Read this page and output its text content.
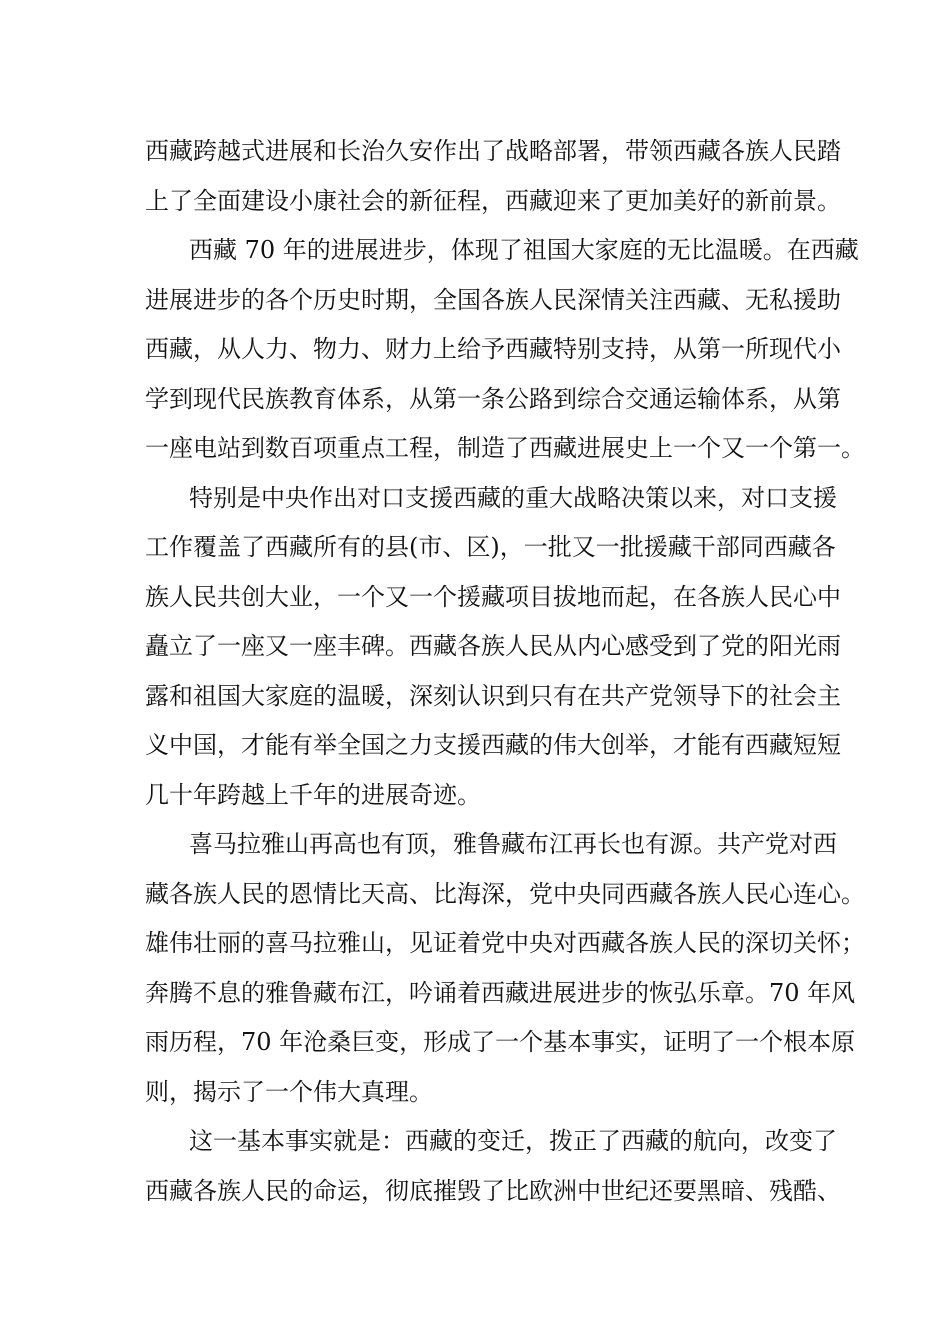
西藏跨越式进展和长治久安作出了战略部署，带领西藏各族人民踏
上了全面建设小康社会的新征程，西藏迎来了更加美好的新前景。
西藏 70 年的进展进步，体现了祖国大家庭的无比温暖。在西藏
进展进步的各个历史时期，全国各族人民深情关注西藏、无私援助
西藏，从人力、物力、财力上给予西藏特别支持，从第一所现代小
学到现代民族教育体系，从第一条公路到综合交通运输体系，从第
一座电站到数百项重点工程，制造了西藏进展史上一个又一个第一。
特别是中央作出对口支援西藏的重大战略决策以来，对口支援
工作覆盖了西藏所有的县(市、区)，一批又一批援藏干部同西藏各
族人民共创大业，一个又一个援藏项目拔地而起，在各族人民心中
矗立了一座又一座丰碑。西藏各族人民从内心感受到了党的阳光雨
露和祖国大家庭的温暖，深刻认识到只有在共产党领导下的社会主
义中国，才能有举全国之力支援西藏的伟大创举，才能有西藏短短
几十年跨越上千年的进展奇迹。
喜马拉雅山再高也有顶，雅鲁藏布江再长也有源。共产党对西
藏各族人民的恩情比天高、比海深，党中央同西藏各族人民心连心。
雄伟壮丽的喜马拉雅山，见证着党中央对西藏各族人民的深切关怀；
奔腾不息的雅鲁藏布江，吟诵着西藏进展进步的恢弘乐章。70 年风
雨历程，70 年沧桑巨变，形成了一个基本事实，证明了一个根本原
则，揭示了一个伟大真理。
这一基本事实就是：西藏的变迁，拨正了西藏的航向，改变了
西藏各族人民的命运，彻底摧毁了比欧洲中世纪还要黑暗、残酷、
